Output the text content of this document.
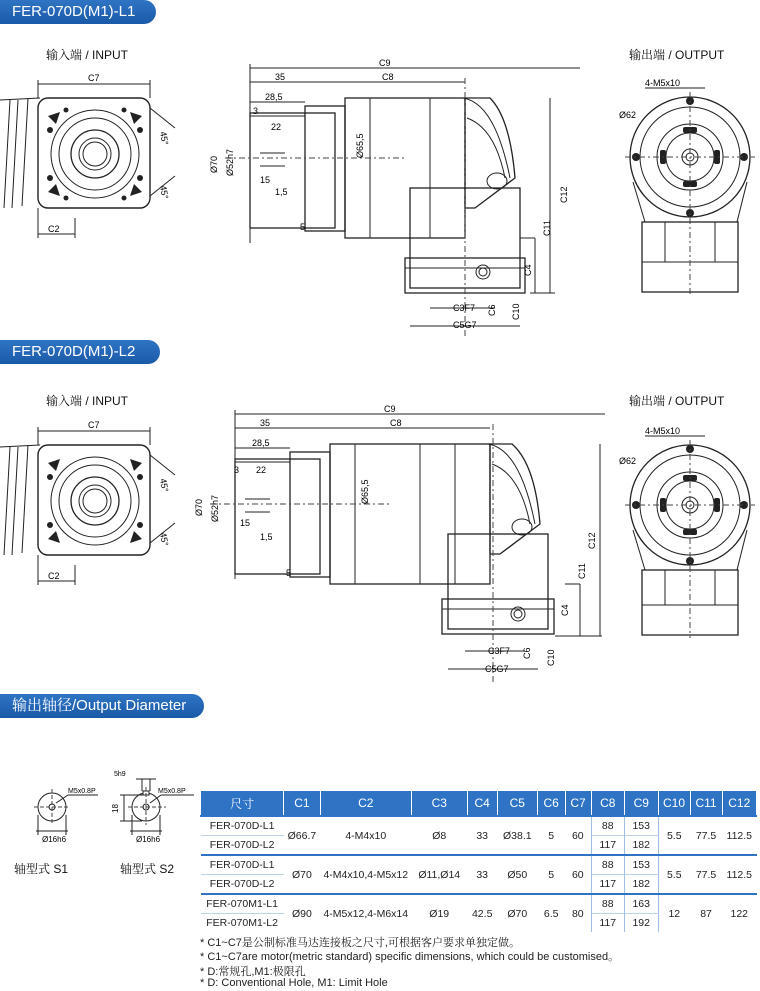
FER-070D(M1)-L1
输入端 / INPUT	输出端 / OUTPUT
C7
45°
45°
C2
C9
C8
35
28,5
3
22
15
1,5
5
Ø70 Ø52h7
Ø65,5
C12
C11
C4
C3F7
C5G7
C6 C10
4-M5x10
Ø62
FER-070D(M1)-L2
输入端 / INPUT	输出端 / OUTPUT
C7
45°
45°
C2
C9
C8
35
28,5
3 22
15
1,5
5
Ø70 Ø52h7
Ø65,5
C12
C11
C4
C3F7
C5G7
C6 C10
4-M5x10
Ø62
输出轴径/Output Diameter
M5x0.8P
Ø16h6
轴型式 S1
5h9
M5x0.8P
18
Ø16h6
轴型式 S2
尺寸	C1	C2	C3	C4	C5	C6	C7	C8	C9	C10	C11	C12
FER-070D-L1	Ø66.7	4-M4x10	Ø8	33	Ø38.1	5	60	88	153	5.5	77.5	112.5
FER-070D-L2								117	182			
FER-070D-L1	Ø70	4-M4x10,4-M5x12	Ø11,Ø14	33	Ø50	5	60	88	153	5.5	77.5	112.5
FER-070D-L2								117	182			
FER-070M1-L1	Ø90	4-M5x12,4-M6x14	Ø19	42.5	Ø70	6.5	80	88	163	12	87	122
FER-070M1-L2								117	192			
* C1~C7是公制标准马达连接板之尺寸,可根据客户要求单独定做。
* C1~C7are motor(metric standard) specific dimensions, which could be customised。
* D:常规孔,M1:极限孔
* D: Conventional Hole, M1: Limit Hole
